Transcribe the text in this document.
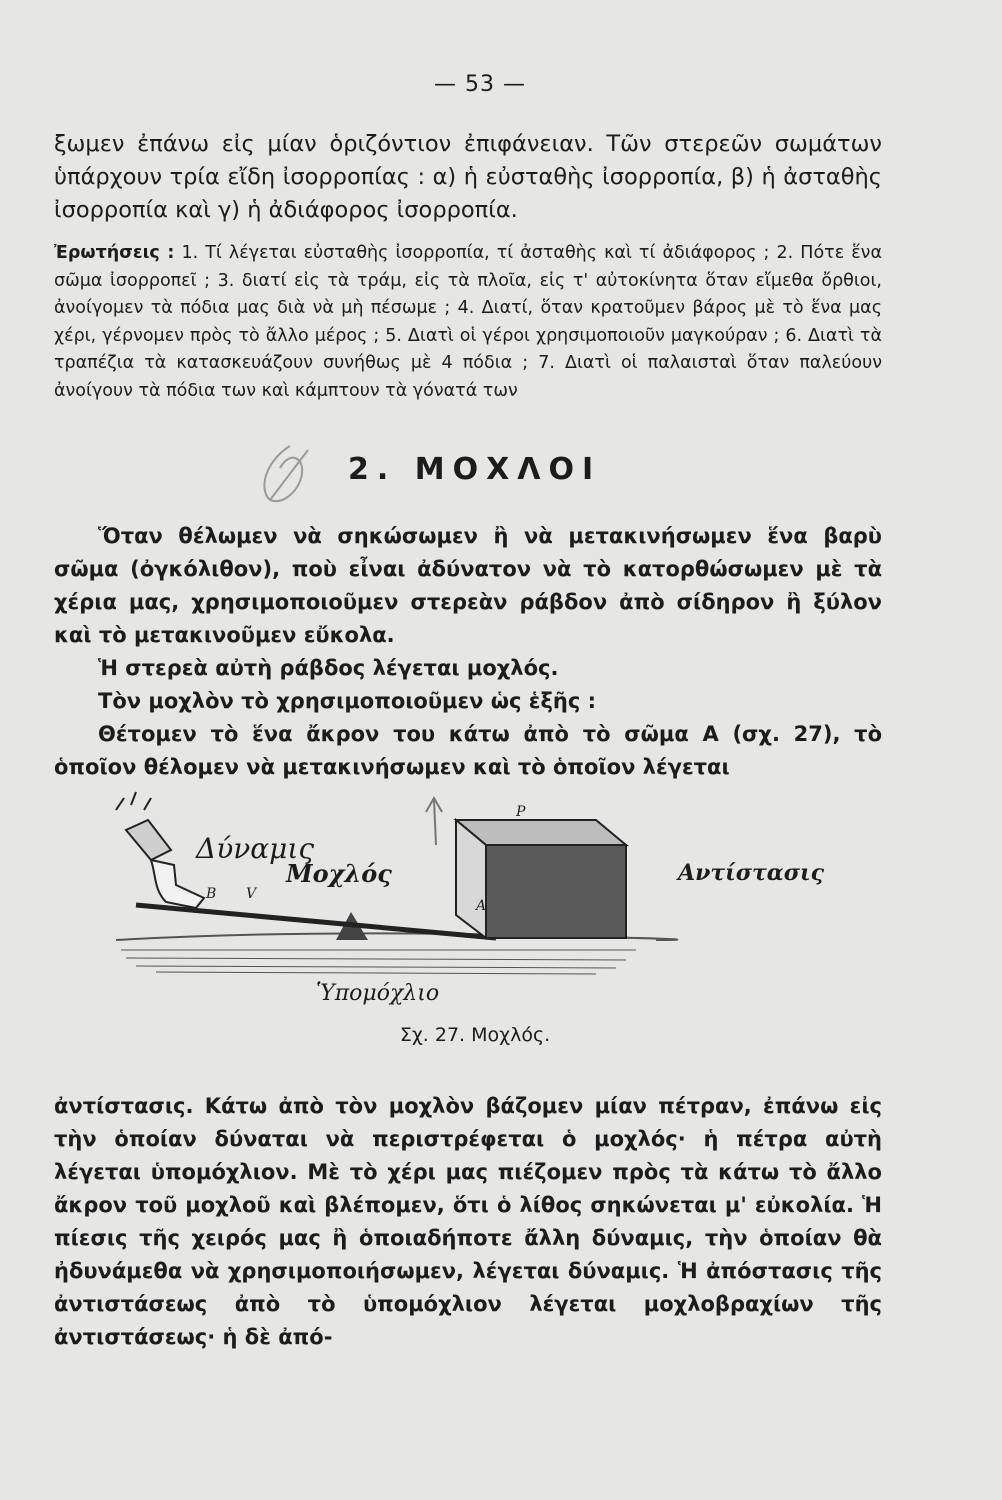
— 53 —
ξωμεν ἐπάνω εἰς μίαν ὁριζόντιον ἐπιφάνειαν. Τῶν στερεῶν σωμάτων ὑπάρχουν τρία εἴδη ἰσορροπίας : α) ἡ εὐσταθὴς ἰσορροπία, β) ἡ ἀσταθὴς ἰσορροπία καὶ γ) ἡ ἀδιάφορος ἰσορροπία.
Ἐρωτήσεις : 1. Τί λέγεται εὐσταθὴς ἰσορροπία, τί ἀσταθὴς καὶ τί ἀδιάφορος ; 2. Πότε ἕνα σῶμα ἰσορροπεῖ ; 3. διατί εἰς τὰ τράμ, εἰς τὰ πλοῖα, εἰς τ' αὐτοκίνητα ὅταν εἴμεθα ὄρθιοι, ἀνοίγομεν τὰ πόδια μας διὰ νὰ μὴ πέσωμε ; 4. Διατί, ὅταν κρατοῦμεν βάρος μὲ τὸ ἕνα μας χέρι, γέρνομεν πρὸς τὸ ἄλλο μέρος ; 5. Διατὶ οἱ γέροι χρησιμοποιοῦν μαγκούραν ; 6. Διατὶ τὰ τραπέζια τὰ κατασκευάζουν συνήθως μὲ 4 πόδια ; 7. Διατὶ οἱ παλαισταὶ ὅταν παλεύουν ἀνοίγουν τὰ πόδια των καὶ κάμπτουν τὰ γόνατά των
2. ΜΟΧΛΟΙ

Ὅταν θέλωμεν νὰ σηκώσωμεν ἢ νὰ μετακινήσωμεν ἕνα βαρὺ σῶμα (ὀγκόλιθον), ποὺ εἶναι ἀδύνατον νὰ τὸ κατορθώσωμεν μὲ τὰ χέρια μας, χρησιμοποιοῦμεν στερεὰν ράβδον ἀπὸ σίδηρον ἢ ξύλον καὶ τὸ μετακινοῦμεν εὔκολα.

Ἡ στερεὰ αὐτὴ ράβδος λέγεται μοχλός.

Τὸν μοχλὸν τὸ χρησιμοποιοῦμεν ὡς ἑξῆς :

Θέτομεν τὸ ἕνα ἄκρον του κάτω ἀπὸ τὸ σῶμα Α (σχ. 27), τὸ ὁποῖον θέλομεν νὰ μετακινήσωμεν καὶ τὸ ὁποῖον λέγεται

Δύναμις
Μοχλός	Αντίστασις
Ὑπομόχλιο
B V
A
P
Σχ. 27. Μοχλός.

ἀντίστασις. Κάτω ἀπὸ τὸν μοχλὸν βάζομεν μίαν πέτραν, ἐπάνω εἰς τὴν ὁποίαν δύναται νὰ περιστρέφεται ὁ μοχλός· ἡ πέτρα αὐτὴ λέγεται ὑπομόχλιον. Μὲ τὸ χέρι μας πιέζομεν πρὸς τὰ κάτω τὸ ἄλλο ἄκρον τοῦ μοχλοῦ καὶ βλέπομεν, ὅτι ὁ λίθος σηκώνεται μ' εὐκολία. Ἡ πίεσις τῆς χειρός μας ἢ ὁποιαδήποτε ἄλλη δύναμις, τὴν ὁποίαν θὰ ἠδυνάμεθα νὰ χρησιμοποιήσωμεν, λέγεται δύναμις. Ἡ ἀπόστασις τῆς ἀντιστάσεως ἀπὸ τὸ ὑπομόχλιον λέγεται μοχλοβραχίων τῆς ἀντιστάσεως· ἡ δὲ ἀπό-
